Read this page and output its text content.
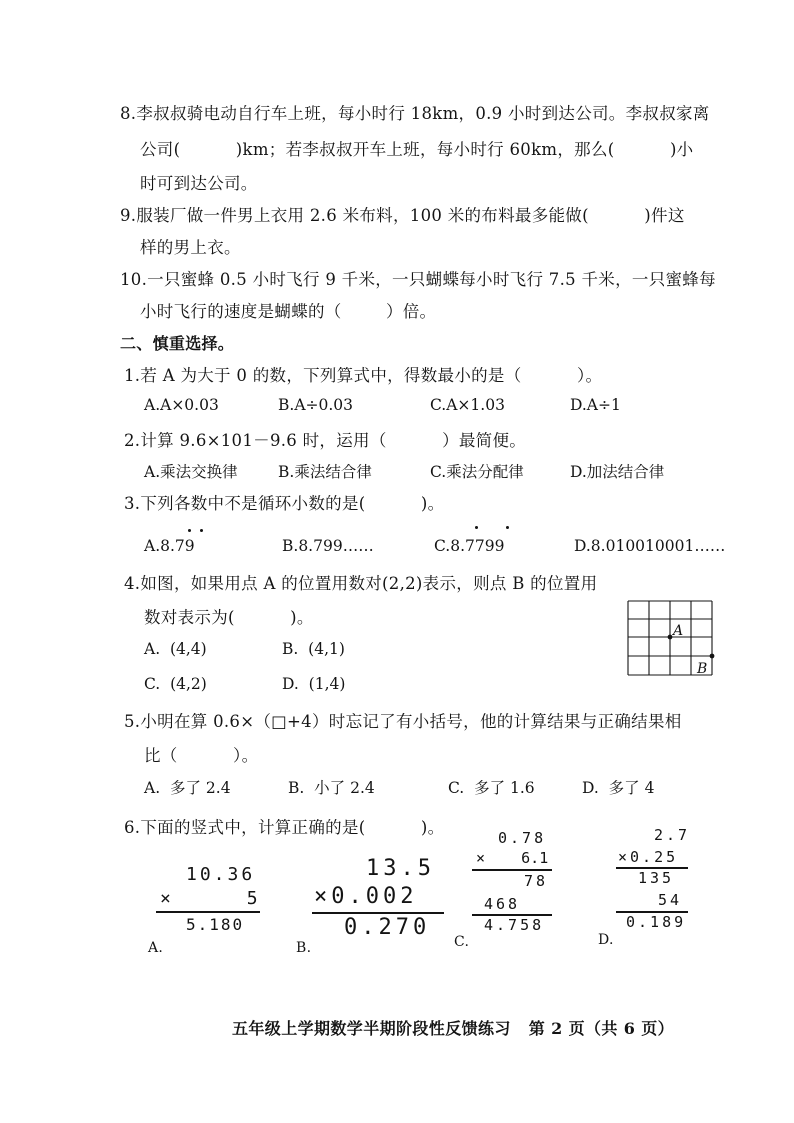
8.李叔叔骑电动自行车上班，每小时行 18km，0.9 小时到达公司。李叔叔家离
公司(          )km；若李叔叔开车上班，每小时行 60km，那么(          )小
时可到达公司。
9.服装厂做一件男上衣用 2.6 米布料，100 米的布料最多能做(          )件这
样的男上衣。
10.一只蜜蜂 0.5 小时飞行 9 千米，一只蝴蝶每小时飞行 7.5 千米，一只蜜蜂每
小时飞行的速度是蝴蝶的（        ）倍。
二、慎重选择。
1.若 A 为大于 0 的数，下列算式中，得数最小的是（          ）。
A.A×0.03	B.A÷0.03	C.A×1.03	D.A÷1
2.计算 9.6×101－9.6 时，运用（          ）最简便。
A.乘法交换律	B.乘法结合律	C.乘法分配律	D.加法结合律
3.下列各数中不是循环小数的是(          )。
A.8.79	B.8.799……	C.8.7799	D.8.010010001……
4.如图，如果用点 A 的位置用数对(2,2)表示，则点 B 的位置用
数对表示为(          )。
A.  (4,4)	B.  (4,1)
C.  (4,2)	D.  (1,4)
A
B
5.小明在算 0.6×（□+4）时忘记了有小括号，他的计算结果与正确结果相
比（          ）。
A.  多了 2.4	B.  小了 2.4	C.  多了 1.6	D.  多了 4
6.下面的竖式中，计算正确的是(          )。
10.36
×       5
5.180
A.
13.5
×0.002
0.270
B.
0.78
×    6.1
78
468
4.758
C.
2.7
×0.25
135
54
0.189
D.
五年级上学期数学半期阶段性反馈练习   第 2 页（共 6 页）
